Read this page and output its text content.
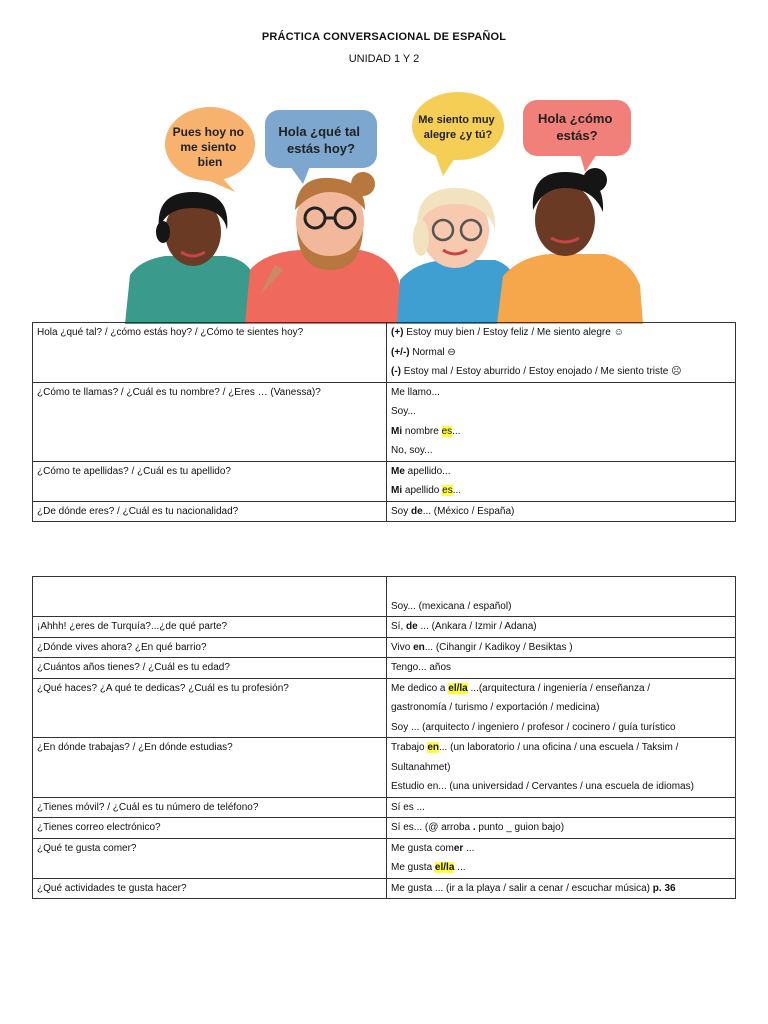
PRÁCTICA CONVERSACIONAL DE ESPAÑOL
UNIDAD 1 Y 2
Pues hoy no me siento bien
Hola ¿qué tal estás hoy?
Me siento muy alegre ¿y tú?
Hola ¿cómo estás?
Hola ¿qué tal? / ¿cómo estás hoy? / ¿Cómo te sientes hoy?	(+) Estoy muy bien / Estoy feliz / Me siento alegre ☺
(+/-) Normal ⊖
(-) Estoy mal / Estoy aburrido / Estoy enojado / Me siento triste ☹

¿Cómo te llamas? / ¿Cuál es tu nombre? / ¿Eres … (Vanessa)?	Me llamo...
Soy...
Mi nombre es...
No, soy...

¿Cómo te apellidas? / ¿Cuál es tu apellido?	Me apellido...
Mi apellido es...

¿De dónde eres? / ¿Cuál es tu nacionalidad?	Soy de... (México / España)

	Soy... (mexicana / español)

¡Ahhh! ¿eres de Turquía?...¿de qué parte?	Sí, de ... (Ankara / Izmir / Adana)

¿Dónde vives ahora? ¿En qué barrio?	Vivo en... (Cihangir / Kadikoy / Besiktas )

¿Cuántos años tienes? / ¿Cuál es tu edad?	Tengo... años

¿Qué haces? ¿A qué te dedicas? ¿Cuál es tu profesión?	Me dedico a el/la ...(arquitectura / ingeniería / enseñanza /
gastronomía / turismo / exportación / medicina)
Soy ... (arquitecto / ingeniero / profesor / cocinero / guía turístico

¿En dónde trabajas? / ¿En dónde estudias?	Trabajo en... (un laboratorio / una oficina / una escuela / Taksim /
Sultanahmet)
Estudio en... (una universidad / Cervantes / una escuela de idiomas)

¿Tienes móvil? / ¿Cuál es tu número de teléfono?	Sí es ...

¿Tienes correo electrónico?	Sí es... (@ arroba . punto _ guion bajo)

¿Qué te gusta comer?	Me gusta comer ...
Me gusta el/la ...

¿Qué actividades te gusta hacer?	Me gusta ... (ir a la playa / salir a cenar / escuchar música) p. 36
